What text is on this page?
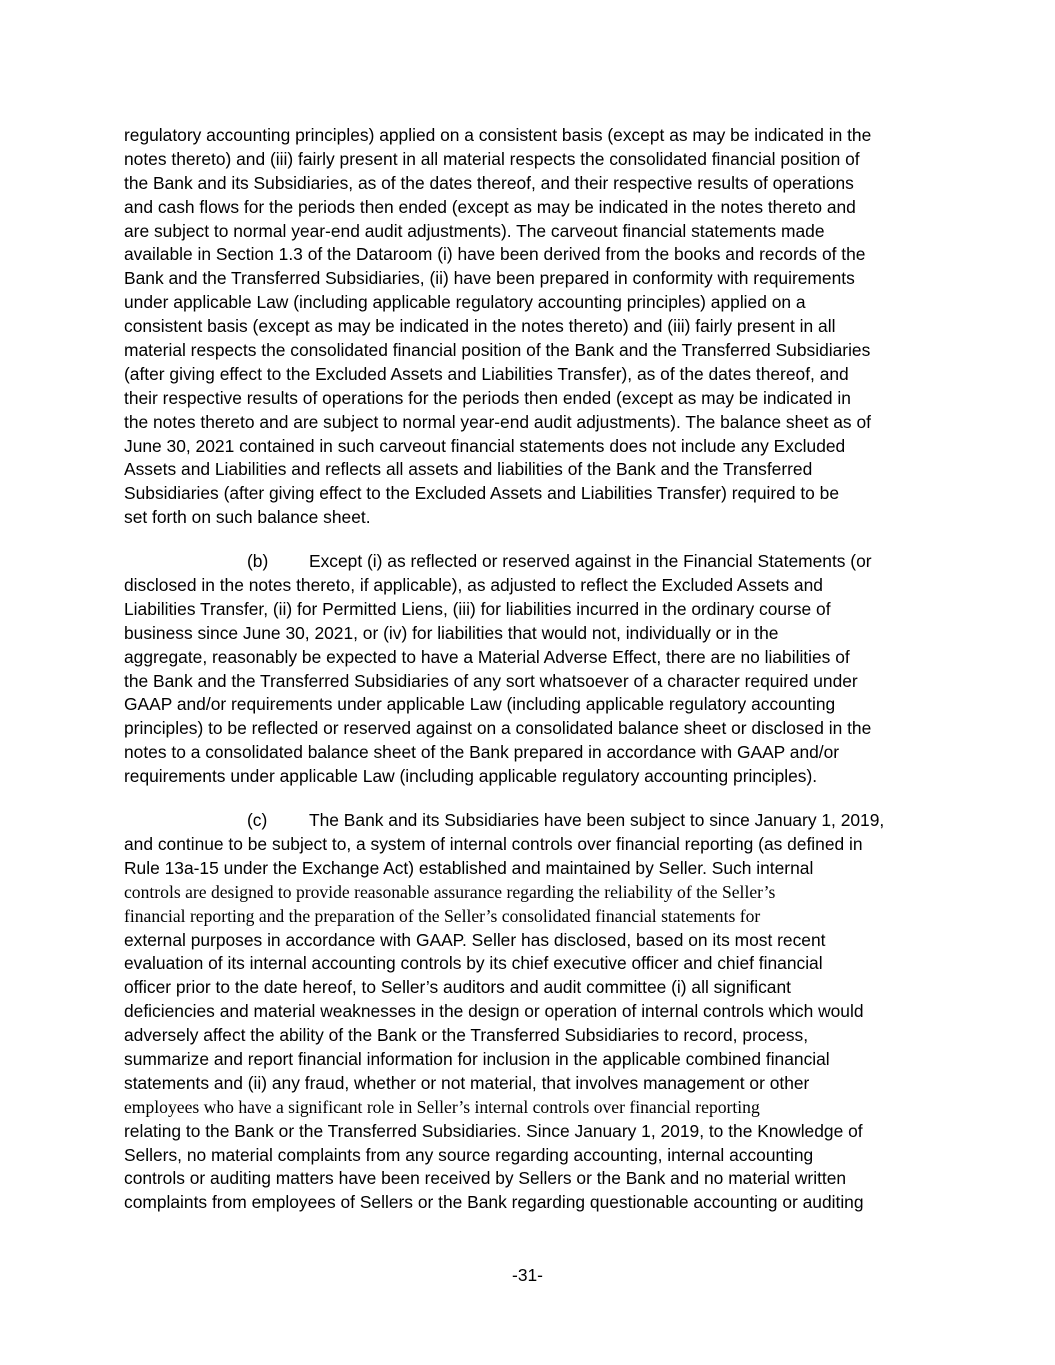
regulatory accounting principles) applied on a consistent basis (except as may be indicated in the
notes thereto) and (iii) fairly present in all material respects the consolidated financial position of
the Bank and its Subsidiaries, as of the dates thereof, and their respective results of operations
and cash flows for the periods then ended (except as may be indicated in the notes thereto and
are subject to normal year-end audit adjustments). The carveout financial statements made
available in Section 1.3 of the Dataroom (i) have been derived from the books and records of the
Bank and the Transferred Subsidiaries, (ii) have been prepared in conformity with requirements
under applicable Law (including applicable regulatory accounting principles) applied on a
consistent basis (except as may be indicated in the notes thereto) and (iii) fairly present in all
material respects the consolidated financial position of the Bank and the Transferred Subsidiaries
(after giving effect to the Excluded Assets and Liabilities Transfer), as of the dates thereof, and
their respective results of operations for the periods then ended (except as may be indicated in
the notes thereto and are subject to normal year-end audit adjustments). The balance sheet as of
June 30, 2021 contained in such carveout financial statements does not include any Excluded
Assets and Liabilities and reflects all assets and liabilities of the Bank and the Transferred
Subsidiaries (after giving effect to the Excluded Assets and Liabilities Transfer) required to be
set forth on such balance sheet.
(b) Except (i) as reflected or reserved against in the Financial Statements (or
disclosed in the notes thereto, if applicable), as adjusted to reflect the Excluded Assets and
Liabilities Transfer, (ii) for Permitted Liens, (iii) for liabilities incurred in the ordinary course of
business since June 30, 2021, or (iv) for liabilities that would not, individually or in the
aggregate, reasonably be expected to have a Material Adverse Effect, there are no liabilities of
the Bank and the Transferred Subsidiaries of any sort whatsoever of a character required under
GAAP and/or requirements under applicable Law (including applicable regulatory accounting
principles) to be reflected or reserved against on a consolidated balance sheet or disclosed in the
notes to a consolidated balance sheet of the Bank prepared in accordance with GAAP and/or
requirements under applicable Law (including applicable regulatory accounting principles).
(c) The Bank and its Subsidiaries have been subject to since January 1, 2019,
and continue to be subject to, a system of internal controls over financial reporting (as defined in
Rule 13a-15 under the Exchange Act) established and maintained by Seller. Such internal
controls are designed to provide reasonable assurance regarding the reliability of the Seller’s
financial reporting and the preparation of the Seller’s consolidated financial statements for
external purposes in accordance with GAAP. Seller has disclosed, based on its most recent
evaluation of its internal accounting controls by its chief executive officer and chief financial
officer prior to the date hereof, to Seller’s auditors and audit committee (i) all significant
deficiencies and material weaknesses in the design or operation of internal controls which would
adversely affect the ability of the Bank or the Transferred Subsidiaries to record, process,
summarize and report financial information for inclusion in the applicable combined financial
statements and (ii) any fraud, whether or not material, that involves management or other
employees who have a significant role in Seller’s internal controls over financial reporting
relating to the Bank or the Transferred Subsidiaries. Since January 1, 2019, to the Knowledge of
Sellers, no material complaints from any source regarding accounting, internal accounting
controls or auditing matters have been received by Sellers or the Bank and no material written
complaints from employees of Sellers or the Bank regarding questionable accounting or auditing
-31-
